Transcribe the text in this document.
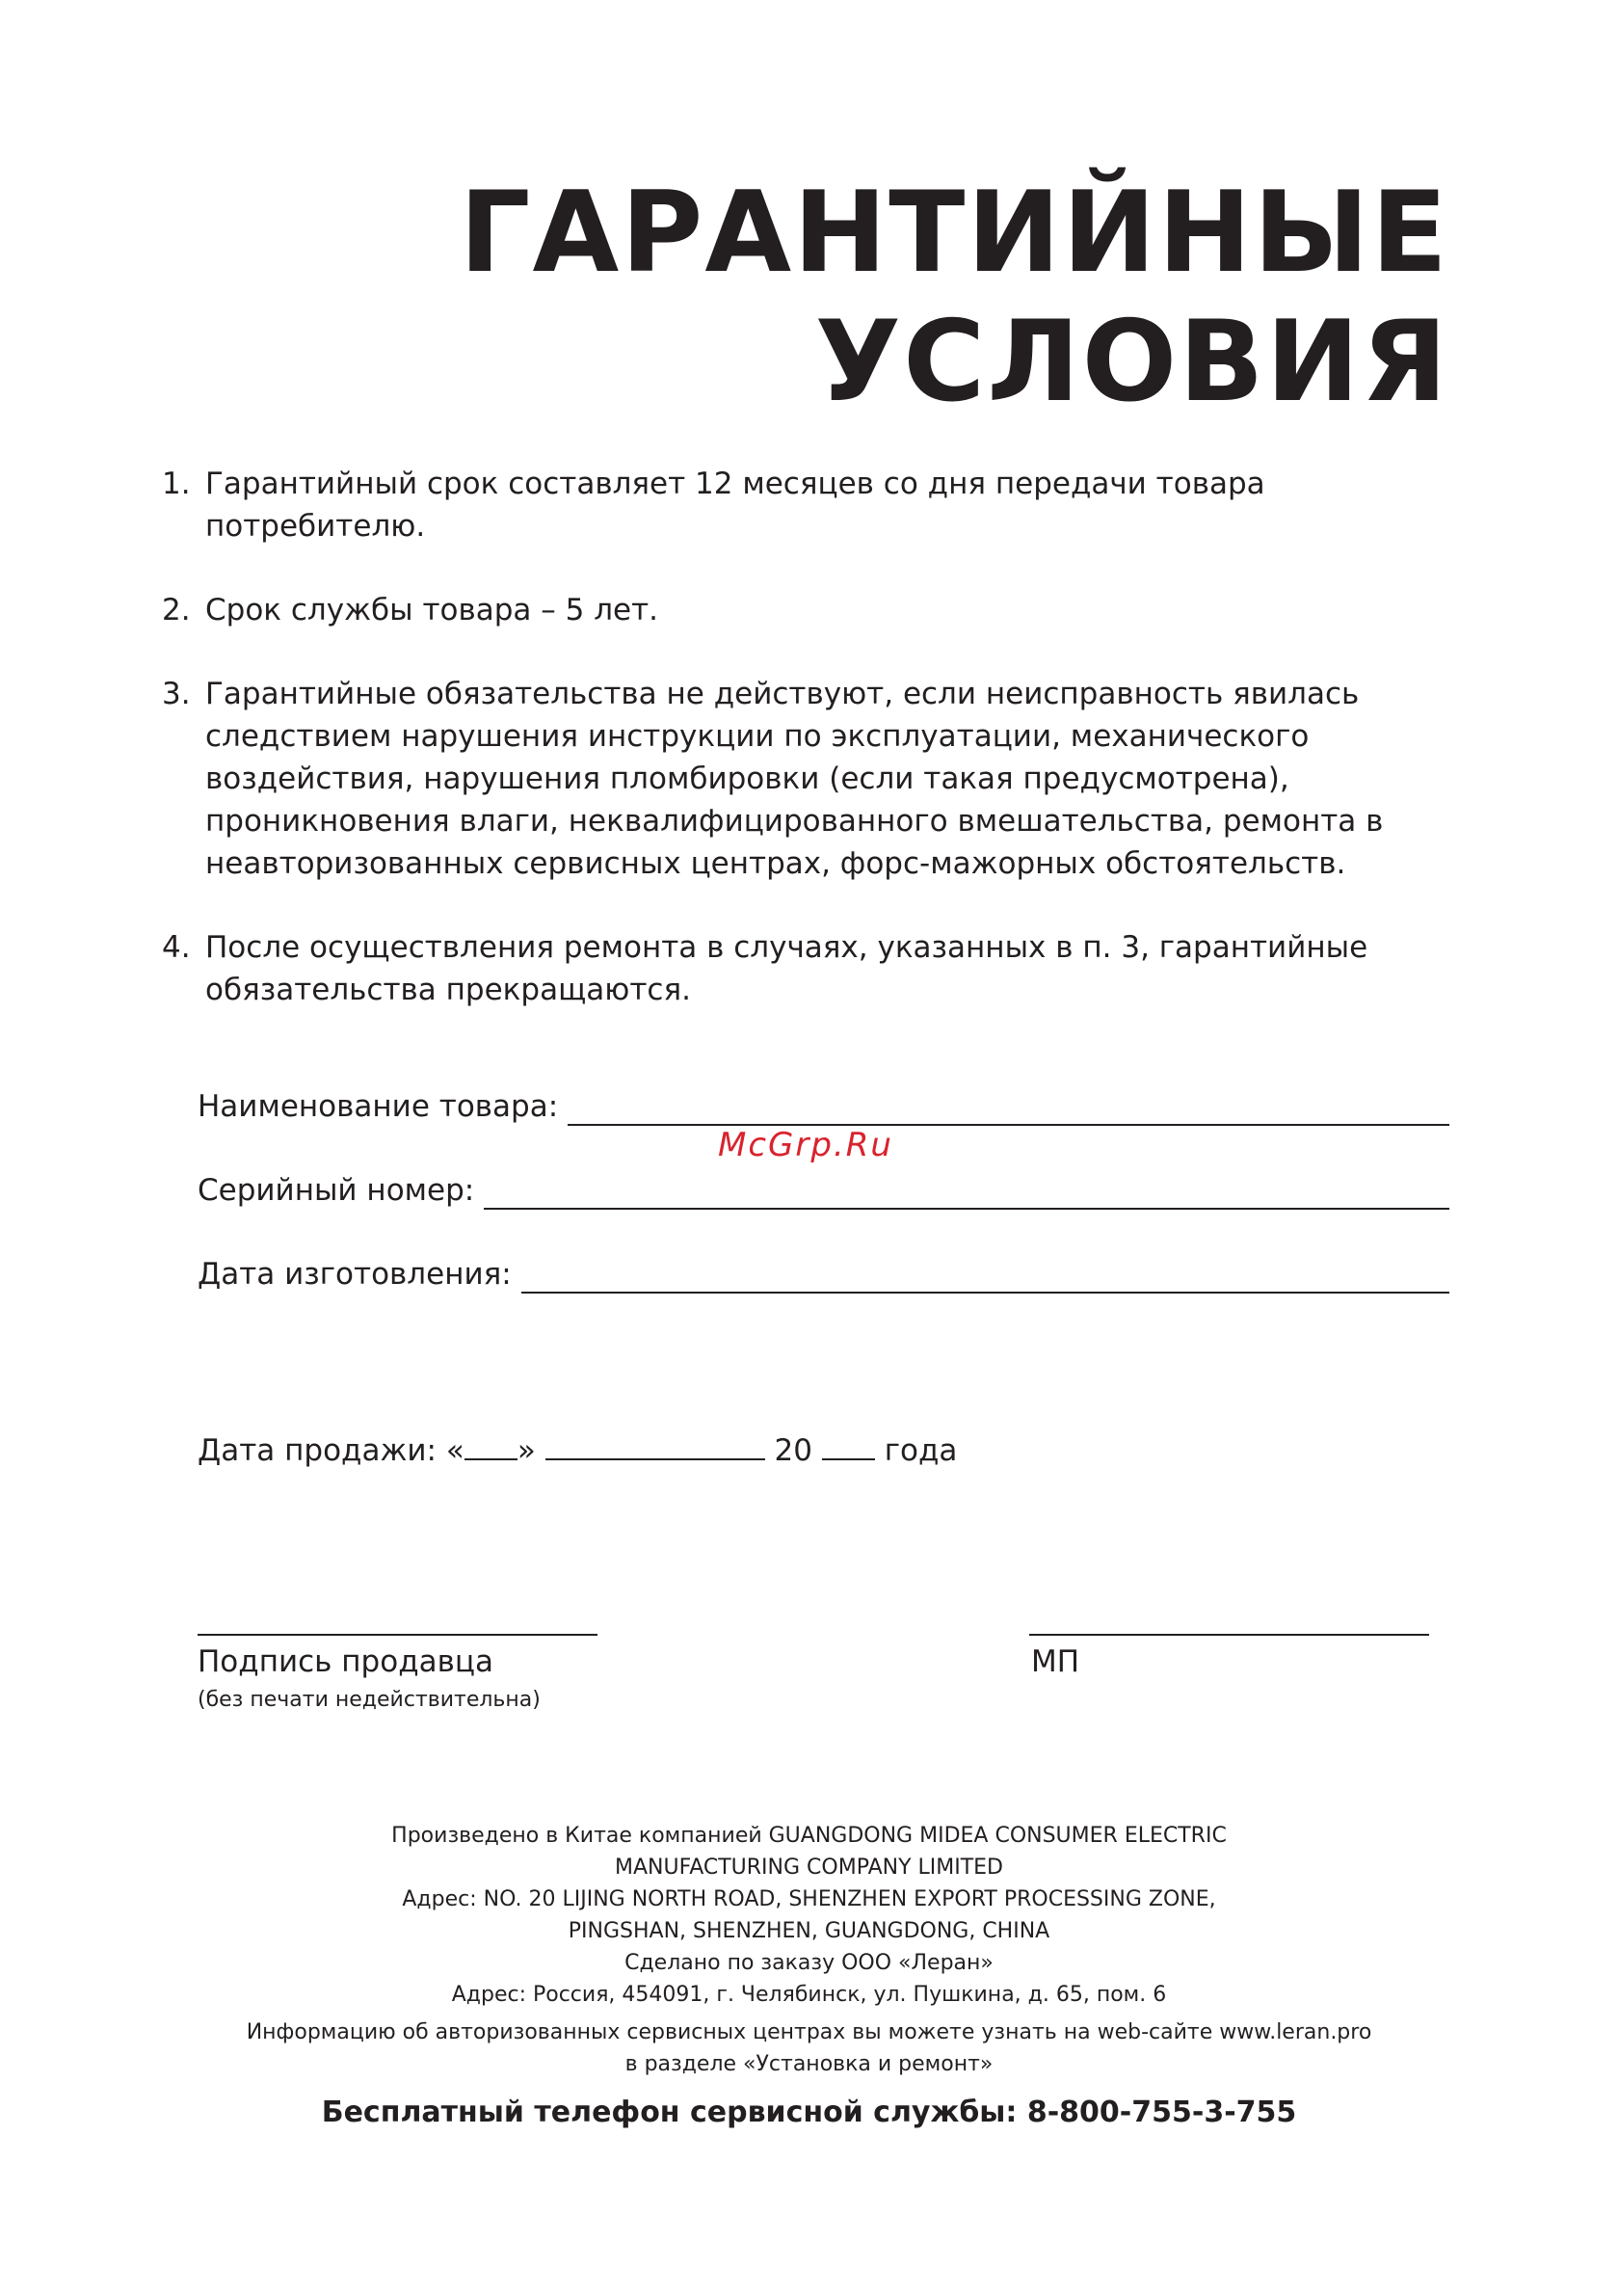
ГАРАНТИЙНЫЕ
УСЛОВИЯ
1. Гарантийный срок составляет 12 месяцев со дня передачи товара потребителю.
2. Срок службы товара – 5 лет.
3. Гарантийные обязательства не действуют, если неисправность явилась следствием нарушения инструкции по эксплуатации, механического воздействия, нарушения пломбировки (если такая предусмотрена), проникновения влаги, неквалифицированного вмешательства, ремонта в неавторизованных сервисных центрах, форс-мажорных обстоятельств.
4. После осуществления ремонта в случаях, указанных в п. 3, гарантийные обязательства прекращаются.
Наименование товара:
McGrp.Ru
Серийный номер:
Дата изготовления:
Дата продажи: « »	20 года
Подпись продавца
(без печати недействительна)
МП

Произведено в Китае компанией GUANGDONG MIDEA CONSUMER ELECTRIC

MANUFACTURING COMPANY LIMITED

Адрес: NO. 20 LIJING NORTH ROAD, SHENZHEN EXPORT PROCESSING ZONE,

PINGSHAN, SHENZHEN, GUANGDONG, CHINA

Сделано по заказу ООО «Леран»

Адрес: Россия, 454091, г. Челябинск, ул. Пушкина, д. 65, пом. 6

Информацию об авторизованных сервисных центрах вы можете узнать на web-сайте www.leran.pro

в разделе «Установка и ремонт»

Бесплатный телефон сервисной службы: 8-800-755-3-755
